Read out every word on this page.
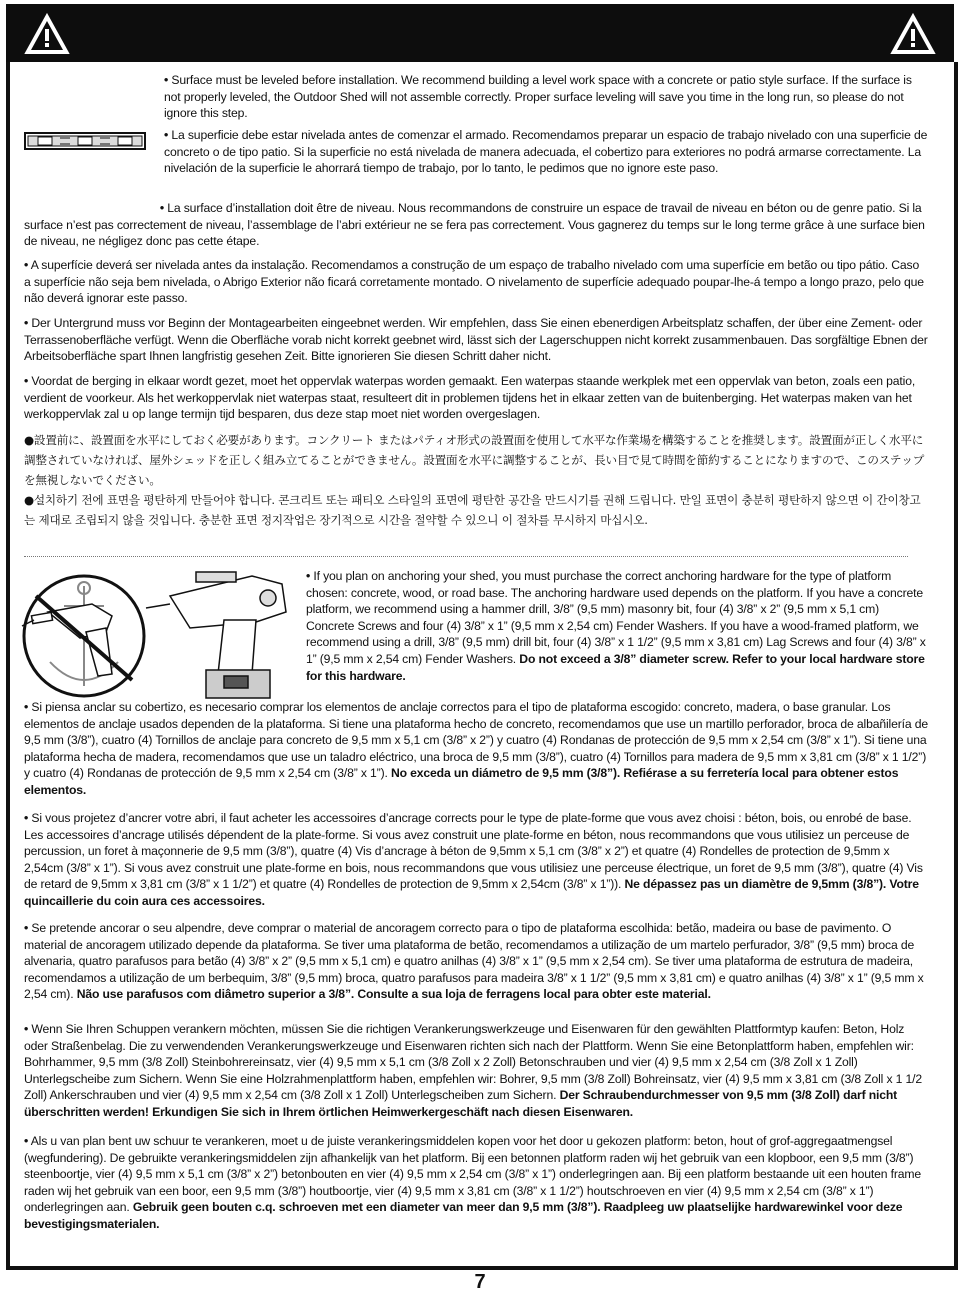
• Surface must be leveled before installation. We recommend building a level work space with a concrete or patio style surface. If the surface is not properly leveled, the Outdoor Shed will not assemble correctly. Proper surface leveling will save you time in the long run, so please do not ignore this step.

• La superficie debe estar nivelada antes de comenzar el armado. Recomendamos preparar un espacio de trabajo nivelado con una superficie de concreto o de tipo patio. Si la superficie no está nivelada de manera adecuada, el cobertizo para exteriores no podrá armarse correctamente. La nivelación de la superficie le ahorrará tiempo de trabajo, por lo tanto, le pedimos que no ignore este paso.

• La surface d’installation doit être de niveau. Nous recommandons de construire un espace de travail de niveau en béton ou de genre patio. Si la surface n’est pas correctement de niveau, l’assemblage de l’abri extérieur ne se fera pas correctement. Vous gagnerez du temps sur le long terme grâce à une surface bien de niveau, ne négligez donc pas cette étape.

• A superfície deverá ser nivelada antes da instalação. Recomendamos a construção de um espaço de trabalho nivelado com uma superfície em betão ou tipo pátio. Caso a superfície não seja bem nivelada, o Abrigo Exterior não ficará corretamente montado. O nivelamento de superfície adequado poupar-lhe-á tempo a longo prazo, pelo que não deverá ignorar este passo.

• Der Untergrund muss vor Beginn der Montagearbeiten eingeebnet werden. Wir empfehlen, dass Sie einen ebenerdigen Arbeitsplatz schaffen, der über eine Zement- oder Terrassenoberfläche verfügt. Wenn die Oberfläche vorab nicht korrekt geebnet wird, lässt sich der Lagerschuppen nicht korrekt zusammenbauen. Das sorgfältige Ebnen der Arbeitsoberfläche spart Ihnen langfristig gesehen Zeit. Bitte ignorieren Sie diesen Schritt daher nicht.

• Voordat de berging in elkaar wordt gezet, moet het oppervlak waterpas worden gemaakt. Een waterpas staande werkplek met een oppervlak van beton, zoals een patio, verdient de voorkeur. Als het werkoppervlak niet waterpas staat, resulteert dit in problemen tijdens het in elkaar zetten van de buitenberging. Het waterpas maken van het werkoppervlak zal u op lange termijn tijd besparen, dus deze stap moet niet worden overgeslagen.

●設置前に、設置面を水平にしておく必要があります。コンクリート またはパティオ形式の設置面を使用して水平な作業場を構築することを推奨します。設置面が正しく水平に調整されていなければ、屋外シェッドを正しく組み立てることができません。設置面を水平に調整することが、長い目で見て時間を節約することになりますので、このステップを無視しないでください。

●설치하기 전에 표면을 평탄하게 만들어야 합니다. 콘크리트 또는 패티오 스타일의 표면에 평탄한 공간을 만드시기를 권해 드립니다. 만일 표면이 충분히 평탄하지 않으면 이 간이창고는 제대로 조립되지 않을 것입니다. 충분한 표면 정지작업은 장기적으로 시간을 절약할 수 있으니 이 절차를 무시하지 마십시오.

• If you plan on anchoring your shed, you must purchase the correct anchoring hardware for the type of platform chosen: concrete, wood, or road base. The anchoring hardware used depends on the platform. If you have a concrete platform, we recommend using a hammer drill, 3/8” (9,5 mm) masonry bit, four (4) 3/8” x 2” (9,5 mm x 5,1 cm) Concrete Screws and four (4) 3/8” x 1” (9,5 mm x 2,54 cm) Fender Washers. If you have a wood-framed platform, we recommend using a drill, 3/8” (9,5 mm) drill bit, four (4) 3/8” x 1 1/2” (9,5 mm x 3,81 cm) Lag Screws and four (4) 3/8” x 1” (9,5 mm x 2,54 cm) Fender Washers. Do not exceed a 3/8” diameter screw. Refer to your local hardware store for this hardware.

• Si piensa anclar su cobertizo, es necesario comprar los elementos de anclaje correctos para el tipo de plataforma escogido: concreto, madera, o base granular. Los elementos de anclaje usados dependen de la plataforma. Si tiene una plataforma hecho de concreto, recomendamos que use un martillo perforador, broca de albañilería de 9,5 mm (3/8”), cuatro (4) Tornillos de anclaje para concreto de 9,5 mm x 5,1 cm (3/8” x 2”) y cuatro (4) Rondanas de protección de 9,5 mm x 2,54 cm (3/8” x 1”). Si tiene una plataforma hecha de madera, recomendamos que use un taladro eléctrico, una broca de 9,5 mm (3/8”), cuatro (4) Tornillos para madera de 9,5 mm x 3,81 cm (3/8” x 1 1/2”) y cuatro (4) Rondanas de protección de 9,5 mm x 2,54 cm (3/8” x 1”). No exceda un diámetro de 9,5 mm (3/8”). Refiérase a su ferretería local para obtener estos elementos.

• Si vous projetez d’ancrer votre abri, il faut acheter les accessoires d’ancrage corrects pour le type de plate-forme que vous avez choisi : béton, bois, ou enrobé de base. Les accessoires d’ancrage utilisés dépendent de la plate-forme. Si vous avez construit une plate-forme en béton, nous recommandons que vous utilisiez un perceuse de percussion, un foret à maçonnerie de 9,5 mm (3/8”), quatre (4) Vis d’ancrage à béton de 9,5mm x 5,1 cm (3/8” x 2”) et quatre (4) Rondelles de protection de 9,5mm x 2,54cm (3/8” x 1”). Si vous avez construit une plate-forme en bois, nous recommandons que vous utilisiez une perceuse électrique, un foret de 9,5 mm (3/8”), quatre (4) Vis de retard de 9,5mm x 3,81 cm (3/8” x 1 1/2”) et quatre (4) Rondelles de protection de 9,5mm x 2,54cm (3/8” x 1”)). Ne dépassez pas un diamètre de 9,5mm (3/8”). Votre quincaillerie du coin aura ces accessoires.

• Se pretende ancorar o seu alpendre, deve comprar o material de ancoragem correcto para o tipo de plataforma escolhida: betão, madeira ou base de pavimento. O material de ancoragem utilizado depende da plataforma. Se tiver uma plataforma de betão, recomendamos a utilização de um martelo perfurador, 3/8” (9,5 mm) broca de alvenaria, quatro parafusos para betão (4) 3/8” x 2” (9,5 mm x 5,1 cm) e quatro anilhas (4) 3/8” x 1” (9,5 mm x 2,54 cm). Se tiver uma plataforma de estrutura de madeira, recomendamos a utilização de um berbequim, 3/8” (9,5 mm) broca, quatro parafusos para madeira 3/8” x 1 1/2” (9,5 mm x 3,81 cm) e quatro anilhas (4) 3/8” x 1” (9,5 mm x 2,54 cm). Não use parafusos com diâmetro superior a 3/8”. Consulte a sua loja de ferragens local para obter este material.

• Wenn Sie Ihren Schuppen verankern möchten, müssen Sie die richtigen Verankerungswerkzeuge und Eisenwaren für den gewählten Plattformtyp kaufen: Beton, Holz oder Straßenbelag. Die zu verwendenden Verankerungswerkzeuge und Eisenwaren richten sich nach der Plattform. Wenn Sie eine Betonplattform haben, empfehlen wir: Bohrhammer, 9,5 mm (3/8 Zoll) Steinbohrereinsatz, vier (4) 9,5 mm x 5,1 cm (3/8 Zoll x 2 Zoll) Betonschrauben und vier (4) 9,5 mm x 2,54 cm (3/8 Zoll x 1 Zoll) Unterlegscheibe zum Sichern. Wenn Sie eine Holzrahmenplattform haben, empfehlen wir: Bohrer, 9,5 mm (3/8 Zoll) Bohreinsatz, vier (4) 9,5 mm x 3,81 cm (3/8 Zoll x 1 1/2 Zoll) Ankerschrauben und vier (4) 9,5 mm x 2,54 cm (3/8 Zoll x 1 Zoll) Unterlegscheiben zum Sichern. Der Schraubendurchmesser von 9,5 mm (3/8 Zoll) darf nicht überschritten werden! Erkundigen Sie sich in Ihrem örtlichen Heimwerkergeschäft nach diesen Eisenwaren.

• Als u van plan bent uw schuur te verankeren, moet u de juiste verankeringsmiddelen kopen voor het door u gekozen platform: beton, hout of grof-aggregaatmengsel (wegfundering). De gebruikte verankeringsmiddelen zijn afhankelijk van het platform. Bij een betonnen platform raden wij het gebruik van een klopboor, een 9,5 mm (3/8”) steenboortje, vier (4) 9,5 mm x 5,1 cm (3/8” x 2”) betonbouten en vier (4) 9,5 mm x 2,54 cm (3/8” x 1”) onderlegringen aan. Bij een platform bestaande uit een houten frame raden wij het gebruik van een boor, een 9,5 mm (3/8”) houtboortje, vier (4) 9,5 mm x 3,81 cm (3/8” x 1 1/2”) houtschroeven en vier (4) 9,5 mm x 2,54 cm (3/8” x 1”) onderlegringen aan. Gebruik geen bouten c.q. schroeven met een diameter van meer dan 9,5 mm (3/8”). Raadpleeg uw plaatselijke hardwarewinkel voor deze bevestigingsmaterialen.

7
